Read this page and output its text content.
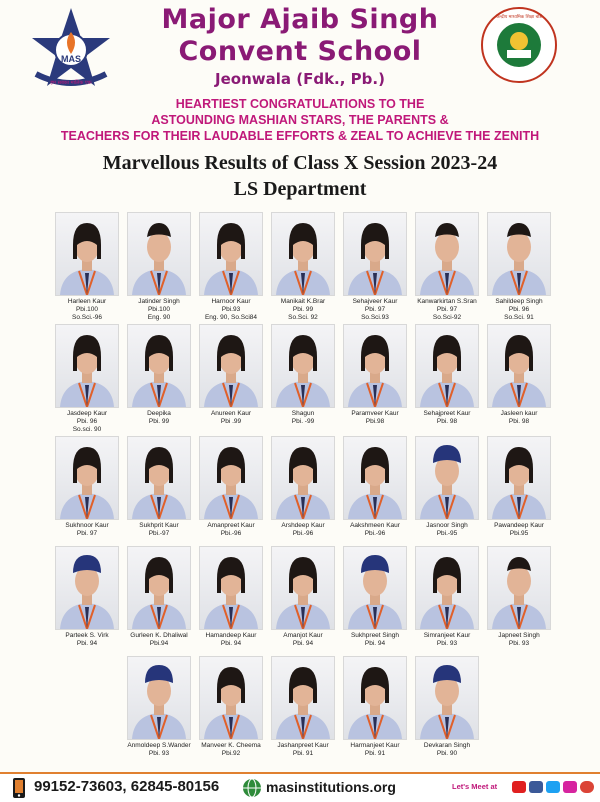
MAS
हम सबका मालिक एक
Major Ajaib Singh
Convent School
Jeonwala (Fdk., Pb.)
केन्द्रीय माध्यमिक शिक्षा बोर्ड
HEARTIEST CONGRATULATIONS TO THE
ASTOUNDING MASHIAN STARS, THE PARENTS &
TEACHERS FOR THEIR LAUDABLE EFFORTS & ZEAL TO ACHIEVE THE ZENITH
Marvellous Results of Class X Session 2023-24
LS Department
Harleen Kaur
Pbi.100
So.Sci.-96
Jatinder Singh
Pbi.100
Eng. 90
Harnoor Kaur
Pbi.93
Eng. 90, So.Sci84
Manikait K.Brar
Pbi. 99
So.Sci. 92
Sehajveer Kaur
Pbi. 97
So.Sci.93
Kanwarkirtan S.Sran
Pbi. 97
So.Sci-92
Sahildeep Singh
Pbi. 96
So.Sci. 91
Jasdeep Kaur
Pbi. 96
So.sci. 90
Deepika
Pbi. 99
Anureen Kaur
Pbi .99
Shagun
Pbi. -99
Paramveer Kaur
Pbi.98
Sehajpreet Kaur
Pbi. 98
Jasleen kaur
Pbi. 98
Sukhnoor Kaur
Pbi. 97
Sukhprit Kaur
Pbi.-97
Amanpreet Kaur
Pbi.-96
Arshdeep Kaur
Pbi.-96
Aakshmeen Kaur
Pbi.-96
Jasnoor Singh
Pbi.-95
Pawandeep Kaur
Pbi.95
Parteek S. Virk
Pbi. 94
Gurleen K. Dhaliwal
Pbi.94
Hamandeep Kaur
Pbi. 94
Amanjot Kaur
Pbi. 94
Sukhpreet Singh
Pbi. 94
Simranjeet Kaur
Pbi. 93
Japneet Singh
Pbi. 93
Anmoldeep S.Wander
Pbi. 93
Manveer K. Cheema
Pbi.92
Jashanpreet Kaur
Pbi. 91
Harmanjeet Kaur
Pbi. 91
Devkaran Singh
Pbi. 90
99152-73603, 62845-80156	masinstitutions.org	Let's Meet at
